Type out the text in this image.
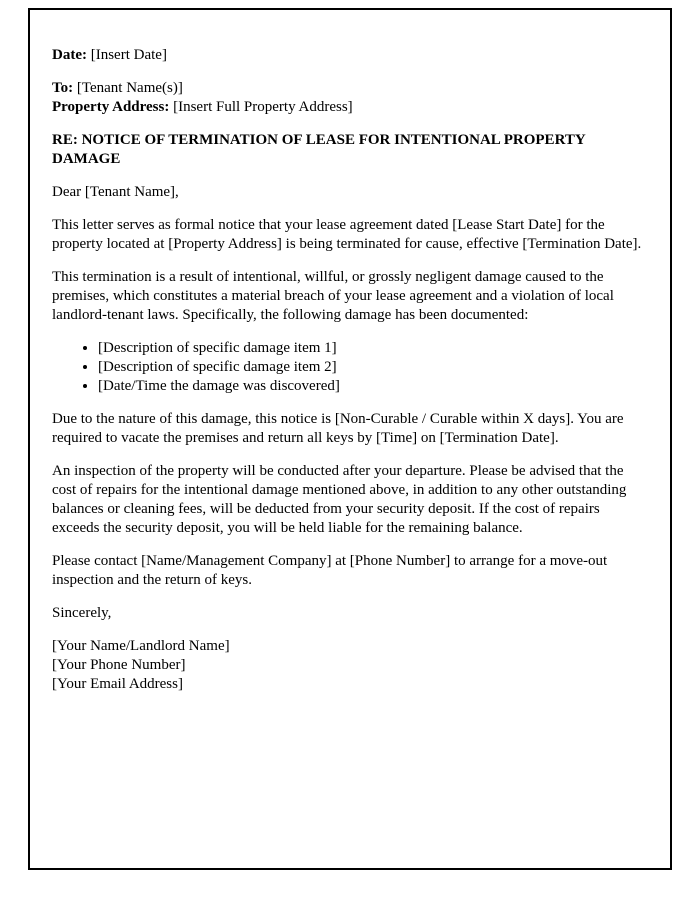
Date: [Insert Date]

To: [Tenant Name(s)]
Property Address: [Insert Full Property Address]

RE: NOTICE OF TERMINATION OF LEASE FOR INTENTIONAL PROPERTY DAMAGE

Dear [Tenant Name],

This letter serves as formal notice that your lease agreement dated [Lease Start Date] for the property located at [Property Address] is being terminated for cause, effective [Termination Date].

This termination is a result of intentional, willful, or grossly negligent damage caused to the premises, which constitutes a material breach of your lease agreement and a violation of local landlord-tenant laws. Specifically, the following damage has been documented:

• [Description of specific damage item 1]
• [Description of specific damage item 2]
• [Date/Time the damage was discovered]

Due to the nature of this damage, this notice is [Non-Curable / Curable within X days]. You are required to vacate the premises and return all keys by [Time] on [Termination Date].

An inspection of the property will be conducted after your departure. Please be advised that the cost of repairs for the intentional damage mentioned above, in addition to any other outstanding balances or cleaning fees, will be deducted from your security deposit. If the cost of repairs exceeds the security deposit, you will be held liable for the remaining balance.

Please contact [Name/Management Company] at [Phone Number] to arrange for a move-out inspection and the return of keys.

Sincerely,

[Your Name/Landlord Name]
[Your Phone Number]
[Your Email Address]
